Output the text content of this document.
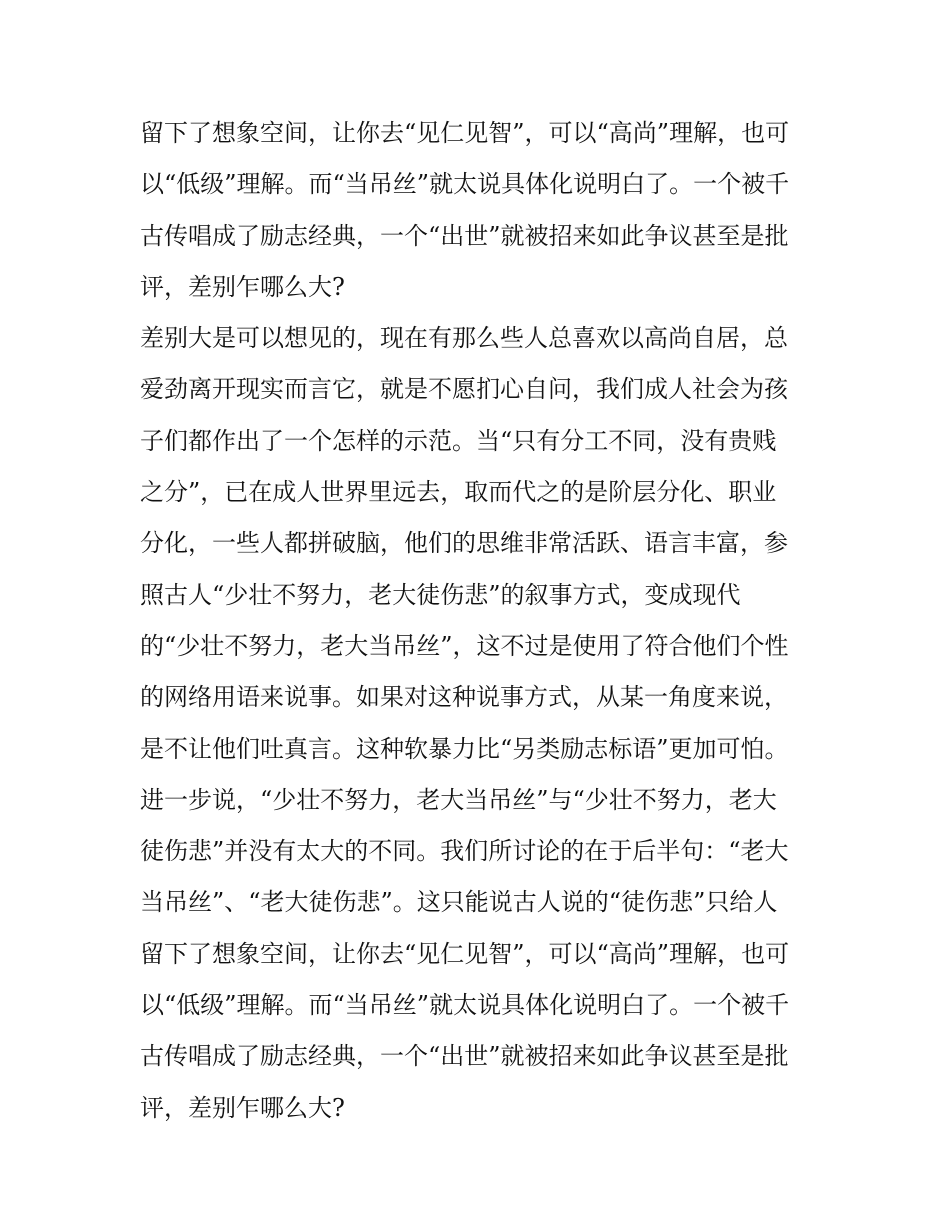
留下了想象空间，让你去“见仁见智”，可以“高尚”理解，也可
以“低级”理解。而“当吊丝”就太说具体化说明白了。一个被千
古传唱成了励志经典，一个“出世”就被招来如此争议甚至是批
评，差别乍哪么大?
差别大是可以想见的，现在有那么些人总喜欢以高尚自居，总
爱劲离开现实而言它，就是不愿扪心自问，我们成人社会为孩
子们都作出了一个怎样的示范。当“只有分工不同，没有贵贱
之分”，已在成人世界里远去，取而代之的是阶层分化、职业
分化，一些人都拼破脑，他们的思维非常活跃、语言丰富，参
照古人“少壮不努力，老大徒伤悲”的叙事方式，变成现代
的“少壮不努力，老大当吊丝”，这不过是使用了符合他们个性
的网络用语来说事。如果对这种说事方式，从某一角度来说，
是不让他们吐真言。这种软暴力比“另类励志标语”更加可怕。
进一步说，“少壮不努力，老大当吊丝”与“少壮不努力，老大
徒伤悲”并没有太大的不同。我们所讨论的在于后半句：“老大
当吊丝”、“老大徒伤悲”。这只能说古人说的“徒伤悲”只给人
留下了想象空间，让你去“见仁见智”，可以“高尚”理解，也可
以“低级”理解。而“当吊丝”就太说具体化说明白了。一个被千
古传唱成了励志经典，一个“出世”就被招来如此争议甚至是批
评，差别乍哪么大?
